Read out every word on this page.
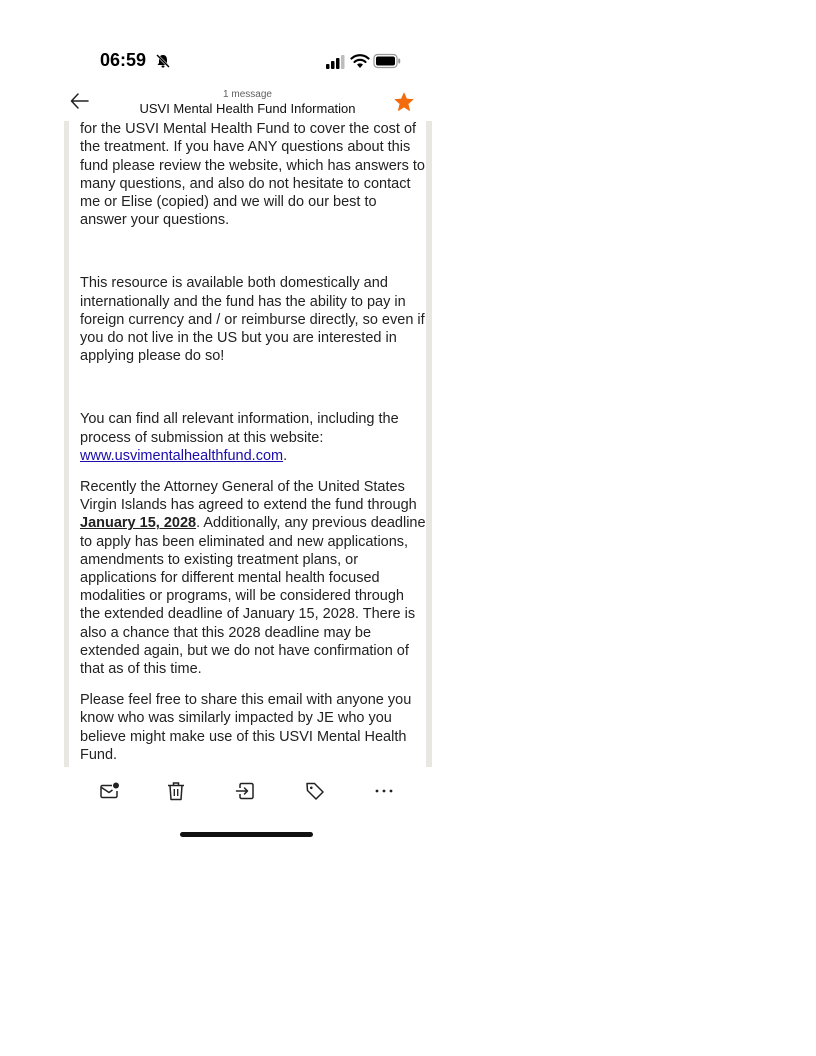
06:59
1 message
USVI Mental Health Fund Information

for the USVI Mental Health Fund to cover the cost of the treatment. If you have ANY questions about this fund please review the website, which has answers to many questions, and also do not hesitate to contact me or Elise (copied) and we will do our best to answer your questions.

This resource is available both domestically and internationally and the fund has the ability to pay in foreign currency and / or reimburse directly, so even if you do not live in the US but you are interested in applying please do so!

You can find all relevant information, including the process of submission at this website: www.usvimentalhealthfund.com.

Recently the Attorney General of the United States Virgin Islands has agreed to extend the fund through January 15, 2028. Additionally, any previous deadline to apply has been eliminated and new applications, amendments to existing treatment plans, or applications for different mental health focused modalities or programs, will be considered through the extended deadline of January 15, 2028. There is also a chance that this 2028 deadline may be extended again, but we do not have confirmation of that as of this time.

Please feel free to share this email with anyone you know who was similarly impacted by JE who you believe might make use of this USVI Mental Health Fund.
